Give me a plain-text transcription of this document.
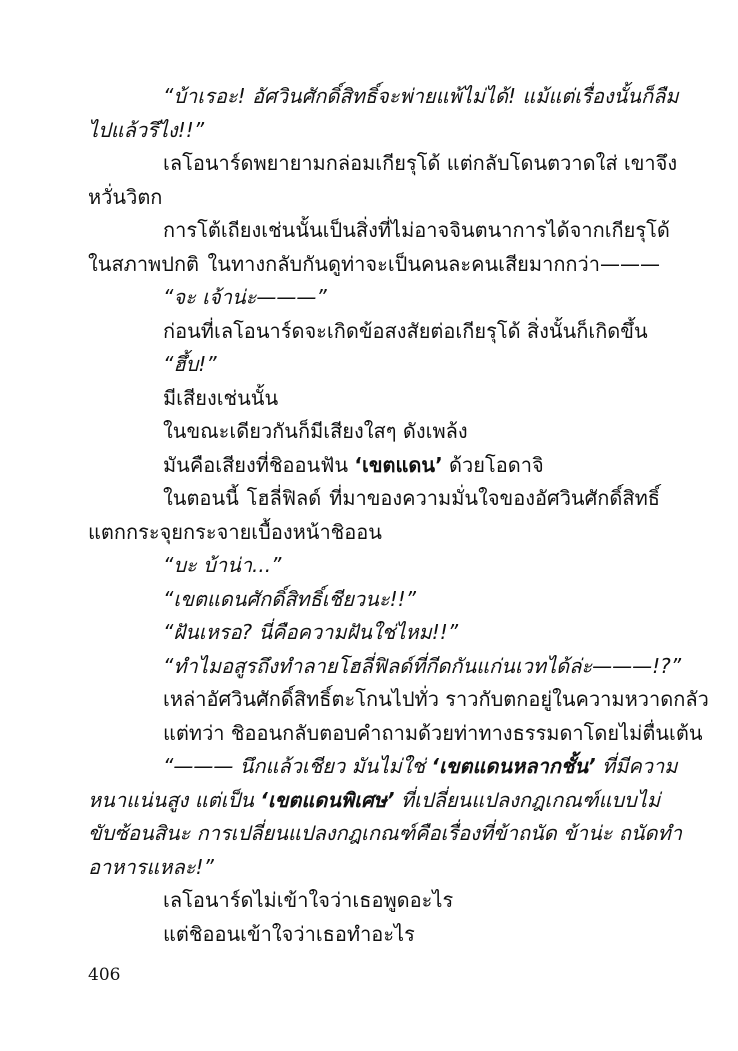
“บ้าเรอะ! อัศวินศักดิ์สิทธิ์จะพ่ายแพ้ไม่ได้! แม้แต่เรื่องนั้นก็ลืม
ไปแล้วรึไง!!”
เลโอนาร์ดพยายามกล่อมเกียรุโด้ แต่กลับโดนตวาดใส่ เขาจึง
หวั่นวิตก
การโต้เถียงเช่นนั้นเป็นสิ่งที่ไม่อาจจินตนาการได้จากเกียรุโด้
ในสภาพปกติ ในทางกลับกันดูท่าจะเป็นคนละคนเสียมากกว่า———
“จะ เจ้าน่ะ———”
ก่อนที่เลโอนาร์ดจะเกิดข้อสงสัยต่อเกียรุโด้ สิ่งนั้นก็เกิดขึ้น
“ฮึ้บ!”
มีเสียงเช่นนั้น
ในขณะเดียวกันก็มีเสียงใสๆ ดังเพล้ง
มันคือเสียงที่ชิออนฟัน ‘เขตแดน’ ด้วยโอดาจิ
ในตอนนี้ โฮลี่ฟิลด์ ที่มาของความมั่นใจของอัศวินศักดิ์สิทธิ์
แตกกระจุยกระจายเบื้องหน้าชิออน
“บะ บ้าน่า...”
“เขตแดนศักดิ์สิทธิ์เชียวนะ!!”
“ฝันเหรอ? นี่คือความฝันใช่ไหม!!”
“ทำไมอสูรถึงทำลายโฮลี่ฟิลด์ที่กีดกันแก่นเวทได้ล่ะ———!?”
เหล่าอัศวินศักดิ์สิทธิ์ตะโกนไปทั่ว ราวกับตกอยู่ในความหวาดกลัว
แต่ทว่า ชิออนกลับตอบคำถามด้วยท่าทางธรรมดาโดยไม่ตื่นเต้น
“——— นึกแล้วเชียว มันไม่ใช่ ‘เขตแดนหลากชั้น’ ที่มีความ
หนาแน่นสูง แต่เป็น ‘เขตแดนพิเศษ’ ที่เปลี่ยนแปลงกฎเกณฑ์แบบไม่
ขับซ้อนสินะ การเปลี่ยนแปลงกฎเกณฑ์คือเรื่องที่ข้าถนัด ข้าน่ะ ถนัดทำ
อาหารแหละ!”
เลโอนาร์ดไม่เข้าใจว่าเธอพูดอะไร
แต่ชิออนเข้าใจว่าเธอทำอะไร
406
